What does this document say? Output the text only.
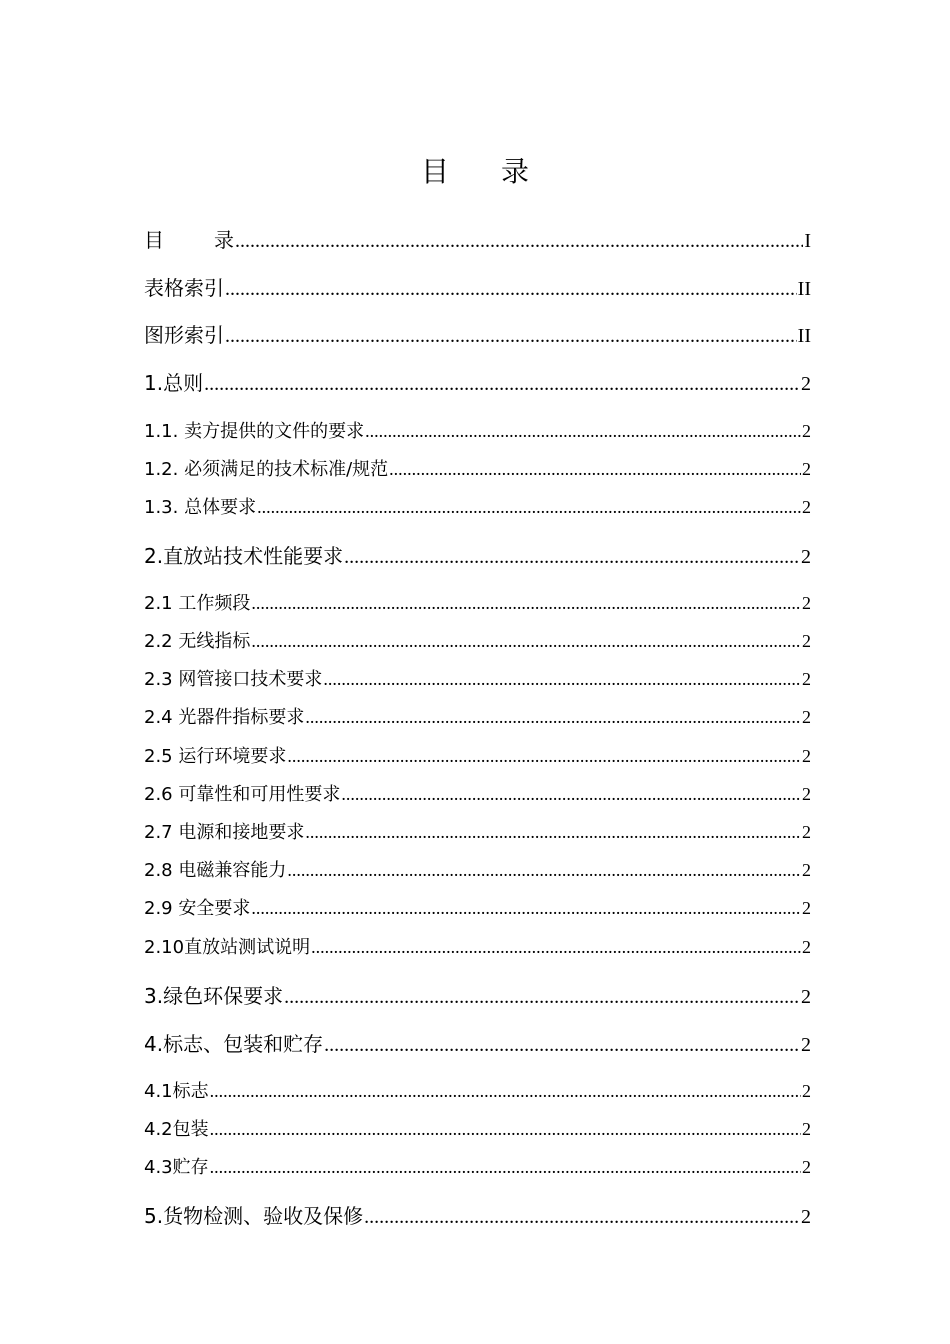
目 录
目	录 .....	I
表格索引 .....	II
图形索引 .....	II
1.总则 .....	2
1.1. 卖方提供的文件的要求 .....	2
1.2. 必须满足的技术标准/规范 .....	2
1.3. 总体要求 .....	2
2.直放站技术性能要求 .....	2
2.1 工作频段 .....	2
2.2 无线指标 .....	2
2.3 网管接口技术要求 .....	2
2.4 光器件指标要求 .....	2
2.5 运行环境要求 .....	2
2.6 可靠性和可用性要求 .....	2
2.7 电源和接地要求 .....	2
2.8 电磁兼容能力 .....	2
2.9 安全要求 .....	2
2.10直放站测试说明 .....	2
3.绿色环保要求 .....	2
4.标志、包装和贮存 .....	2
4.1标志 .....	2
4.2包装 .....	2
4.3贮存 .....	2
5.货物检测、验收及保修 .....	2
